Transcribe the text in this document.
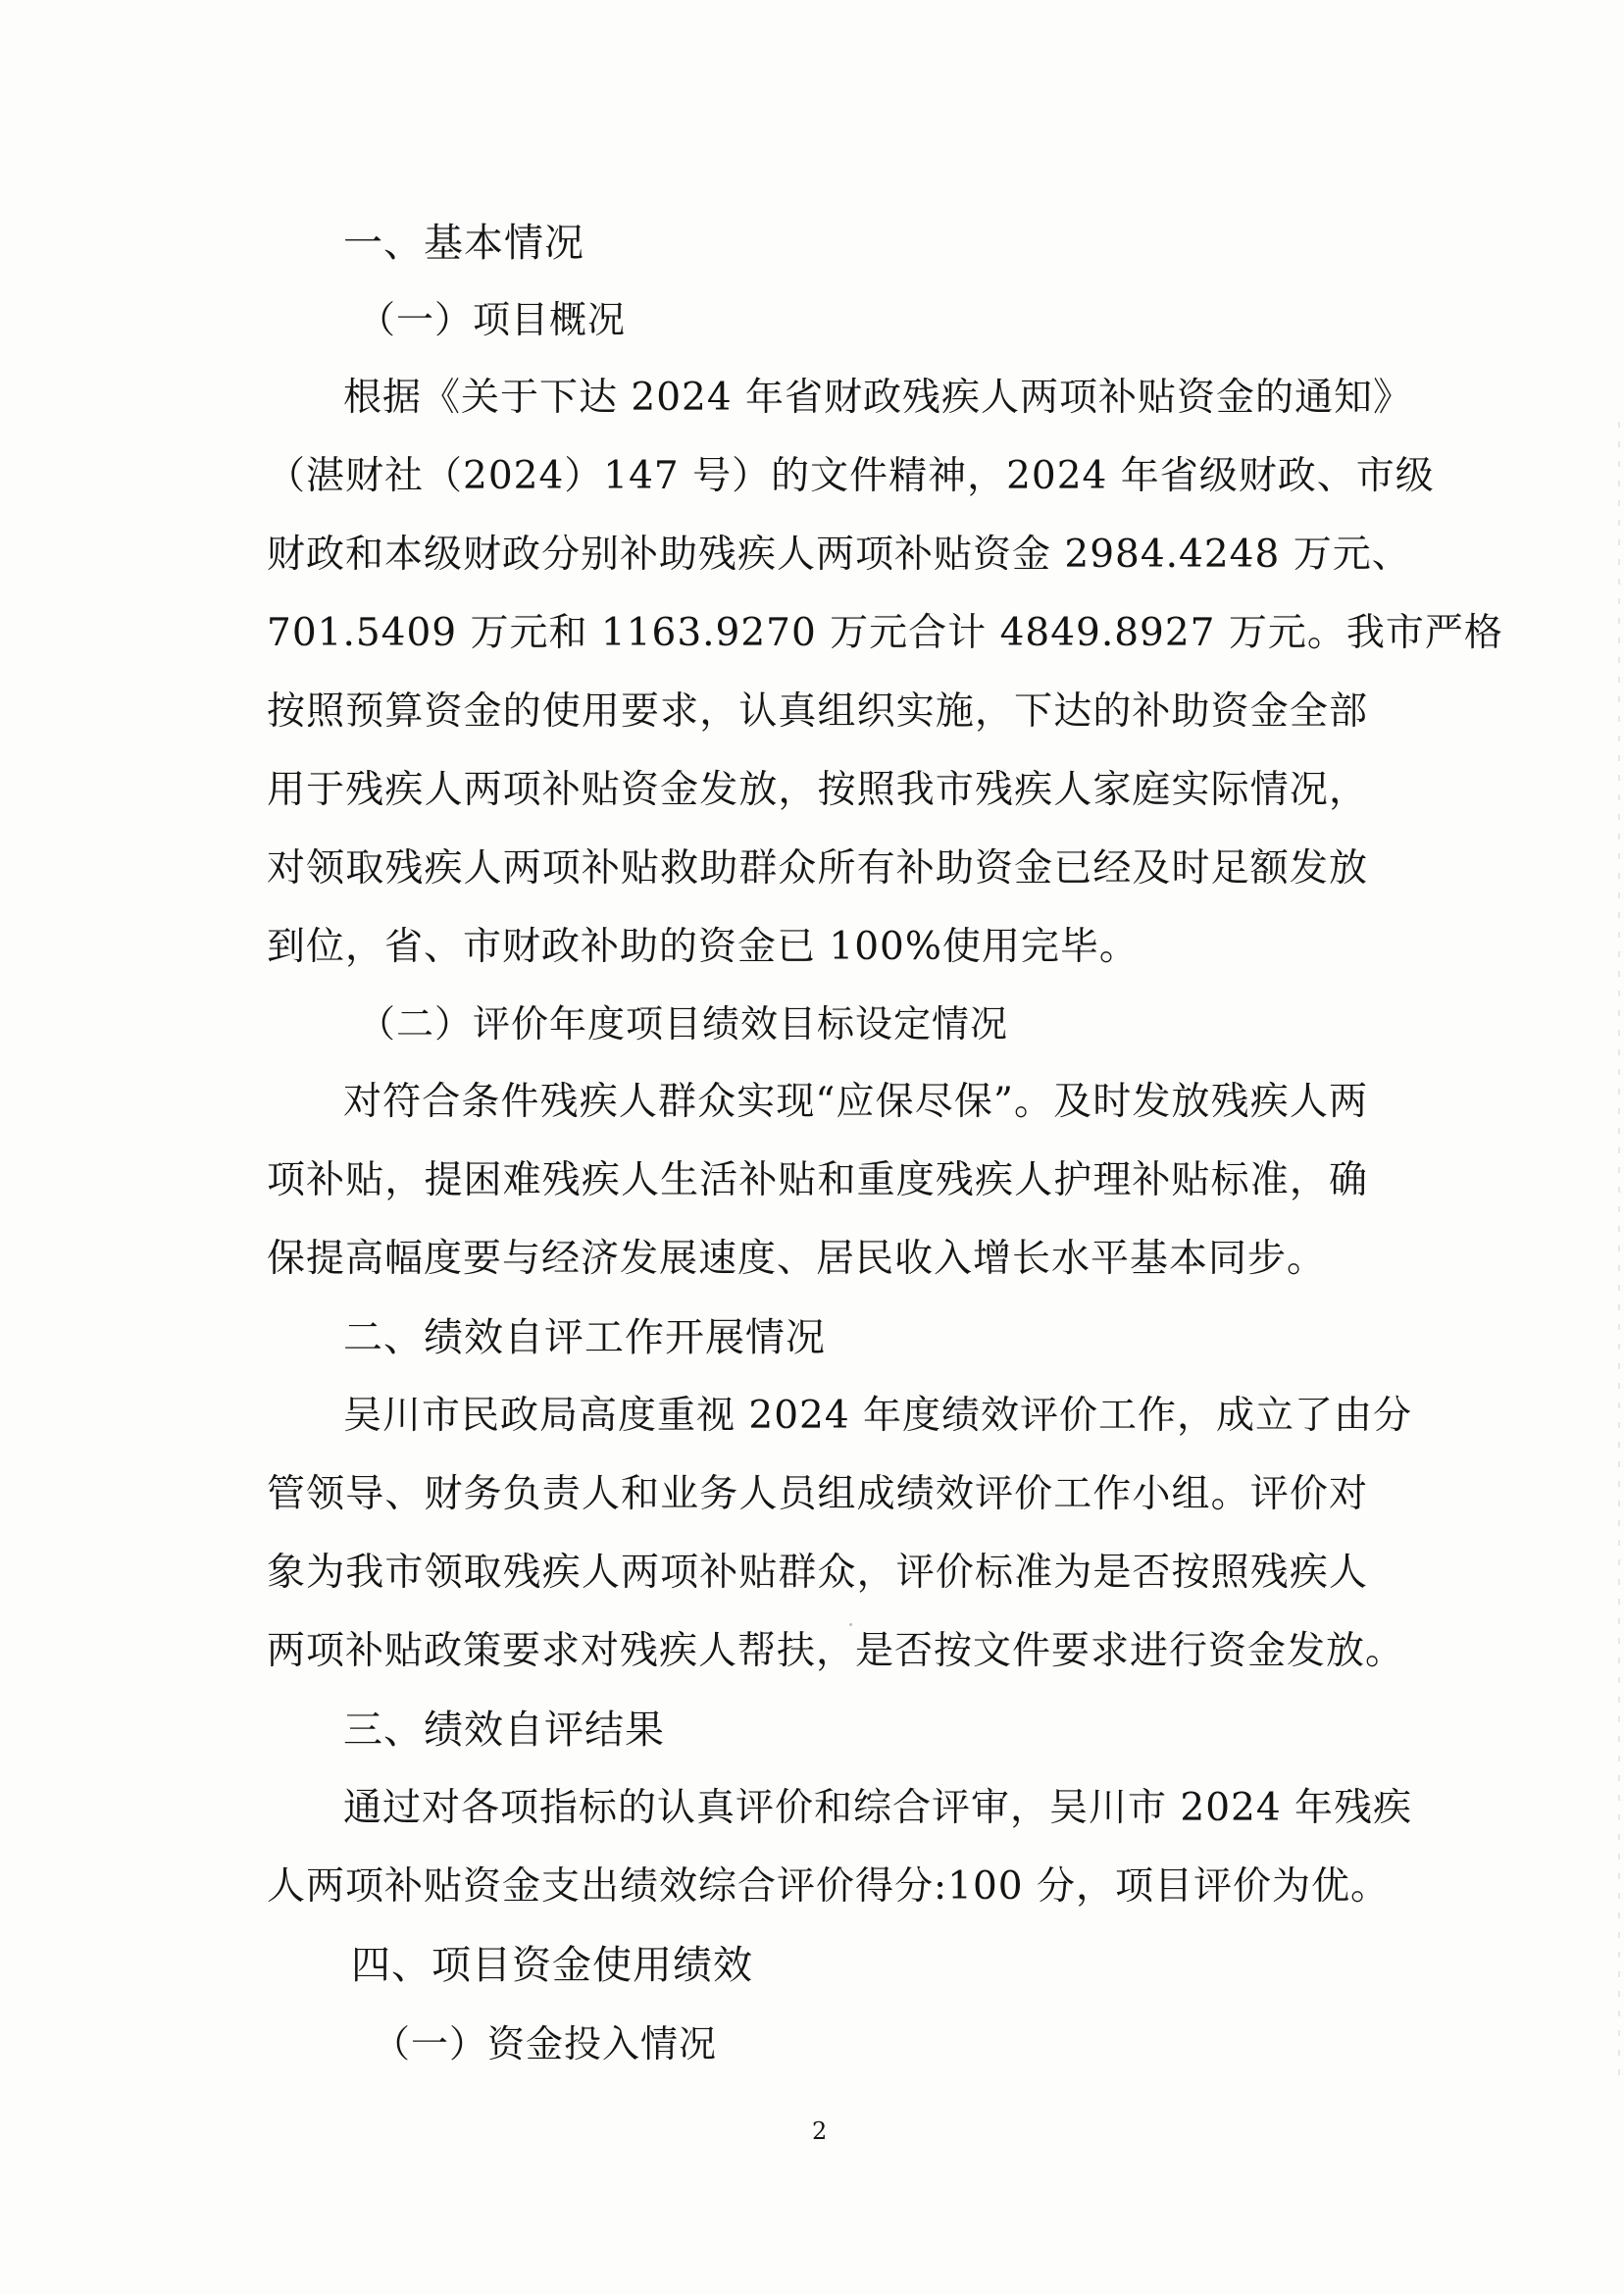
一、基本情况
（一）项目概况
根据《关于下达 2024 年省财政残疾人两项补贴资金的通知》
（湛财社（2024）147 号）的文件精神，2024 年省级财政、市级
财政和本级财政分别补助残疾人两项补贴资金 2984.4248 万元、
701.5409 万元和 1163.9270 万元合计 4849.8927 万元。我市严格
按照预算资金的使用要求，认真组织实施，下达的补助资金全部
用于残疾人两项补贴资金发放，按照我市残疾人家庭实际情况，
对领取残疾人两项补贴救助群众所有补助资金已经及时足额发放
到位，省、市财政补助的资金已 100%使用完毕。
（二）评价年度项目绩效目标设定情况
对符合条件残疾人群众实现“应保尽保”。及时发放残疾人两
项补贴，提困难残疾人生活补贴和重度残疾人护理补贴标准，确
保提高幅度要与经济发展速度、居民收入增长水平基本同步。
二、绩效自评工作开展情况
吴川市民政局高度重视 2024 年度绩效评价工作，成立了由分
管领导、财务负责人和业务人员组成绩效评价工作小组。评价对
象为我市领取残疾人两项补贴群众，评价标准为是否按照残疾人
两项补贴政策要求对残疾人帮扶，是否按文件要求进行资金发放。
三、绩效自评结果
通过对各项指标的认真评价和综合评审，吴川市 2024 年残疾
人两项补贴资金支出绩效综合评价得分:100 分，项目评价为优。
四、项目资金使用绩效
（一）资金投入情况
2
